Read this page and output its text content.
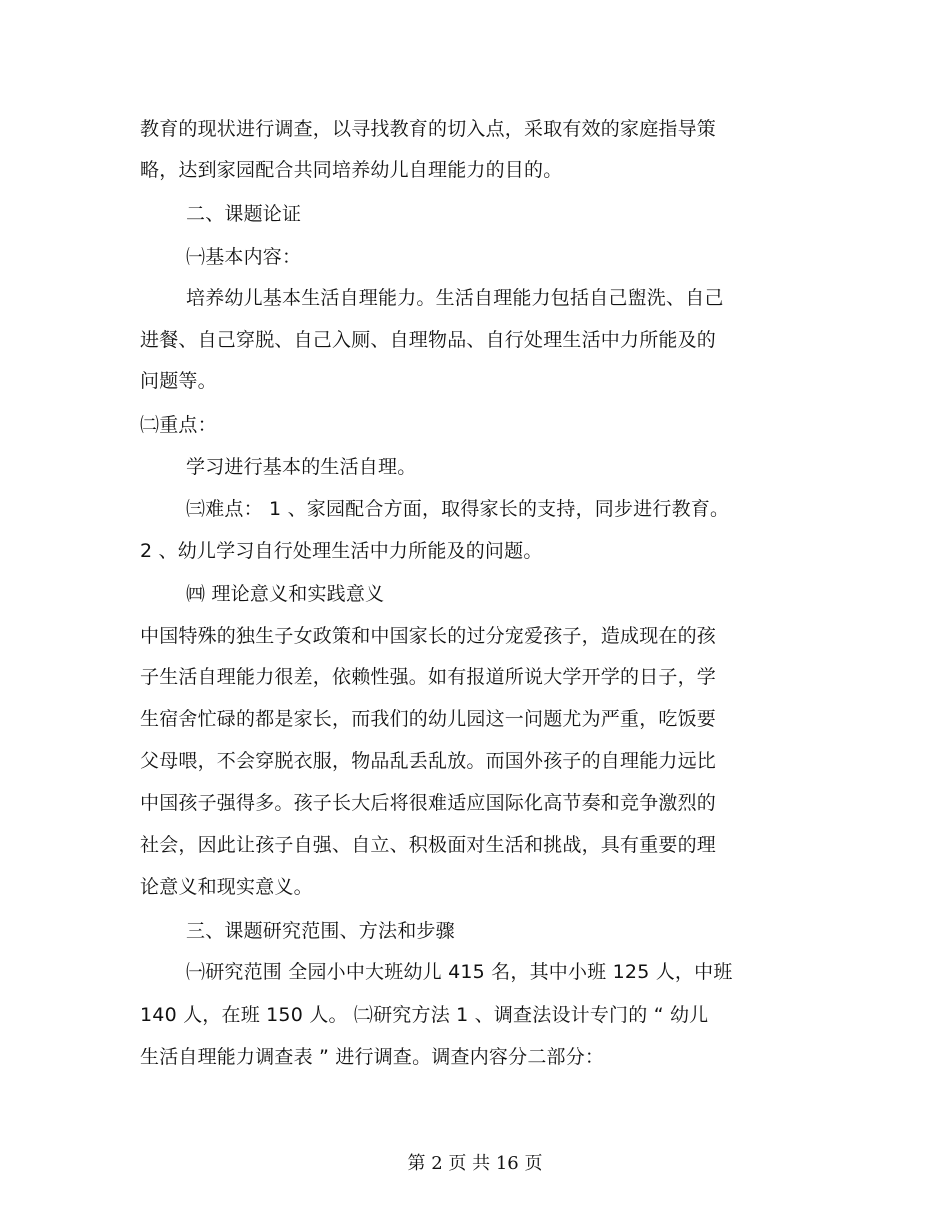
教育的现状进行调查，以寻找教育的切入点，采取有效的家庭指导策
略，达到家园配合共同培养幼儿自理能力的目的。
二、课题论证
㈠基本内容：
培养幼儿基本生活自理能力。生活自理能力包括自己盥洗、自己
进餐、自己穿脱、自己入厕、自理物品、自行处理生活中力所能及的
问题等。
㈡重点：
学习进行基本的生活自理。
㈢难点： 1 、家园配合方面，取得家长的支持，同步进行教育。
2 、幼儿学习自行处理生活中力所能及的问题。
㈣ 理论意义和实践意义
中国特殊的独生子女政策和中国家长的过分宠爱孩子，造成现在的孩
子生活自理能力很差，依赖性强。如有报道所说大学开学的日子，学
生宿舍忙碌的都是家长，而我们的幼儿园这一问题尤为严重，吃饭要
父母喂，不会穿脱衣服，物品乱丢乱放。而国外孩子的自理能力远比
中国孩子强得多。孩子长大后将很难适应国际化高节奏和竞争激烈的
社会，因此让孩子自强、自立、积极面对生活和挑战，具有重要的理
论意义和现实意义。
三、课题研究范围、方法和步骤
㈠研究范围 全园小中大班幼儿 415 名，其中小班 125 人，中班
140 人，在班 150 人。 ㈡研究方法 1 、调查法设计专门的 “ 幼儿
生活自理能力调查表 ” 进行调查。调查内容分二部分：
第 2 页 共 16 页
